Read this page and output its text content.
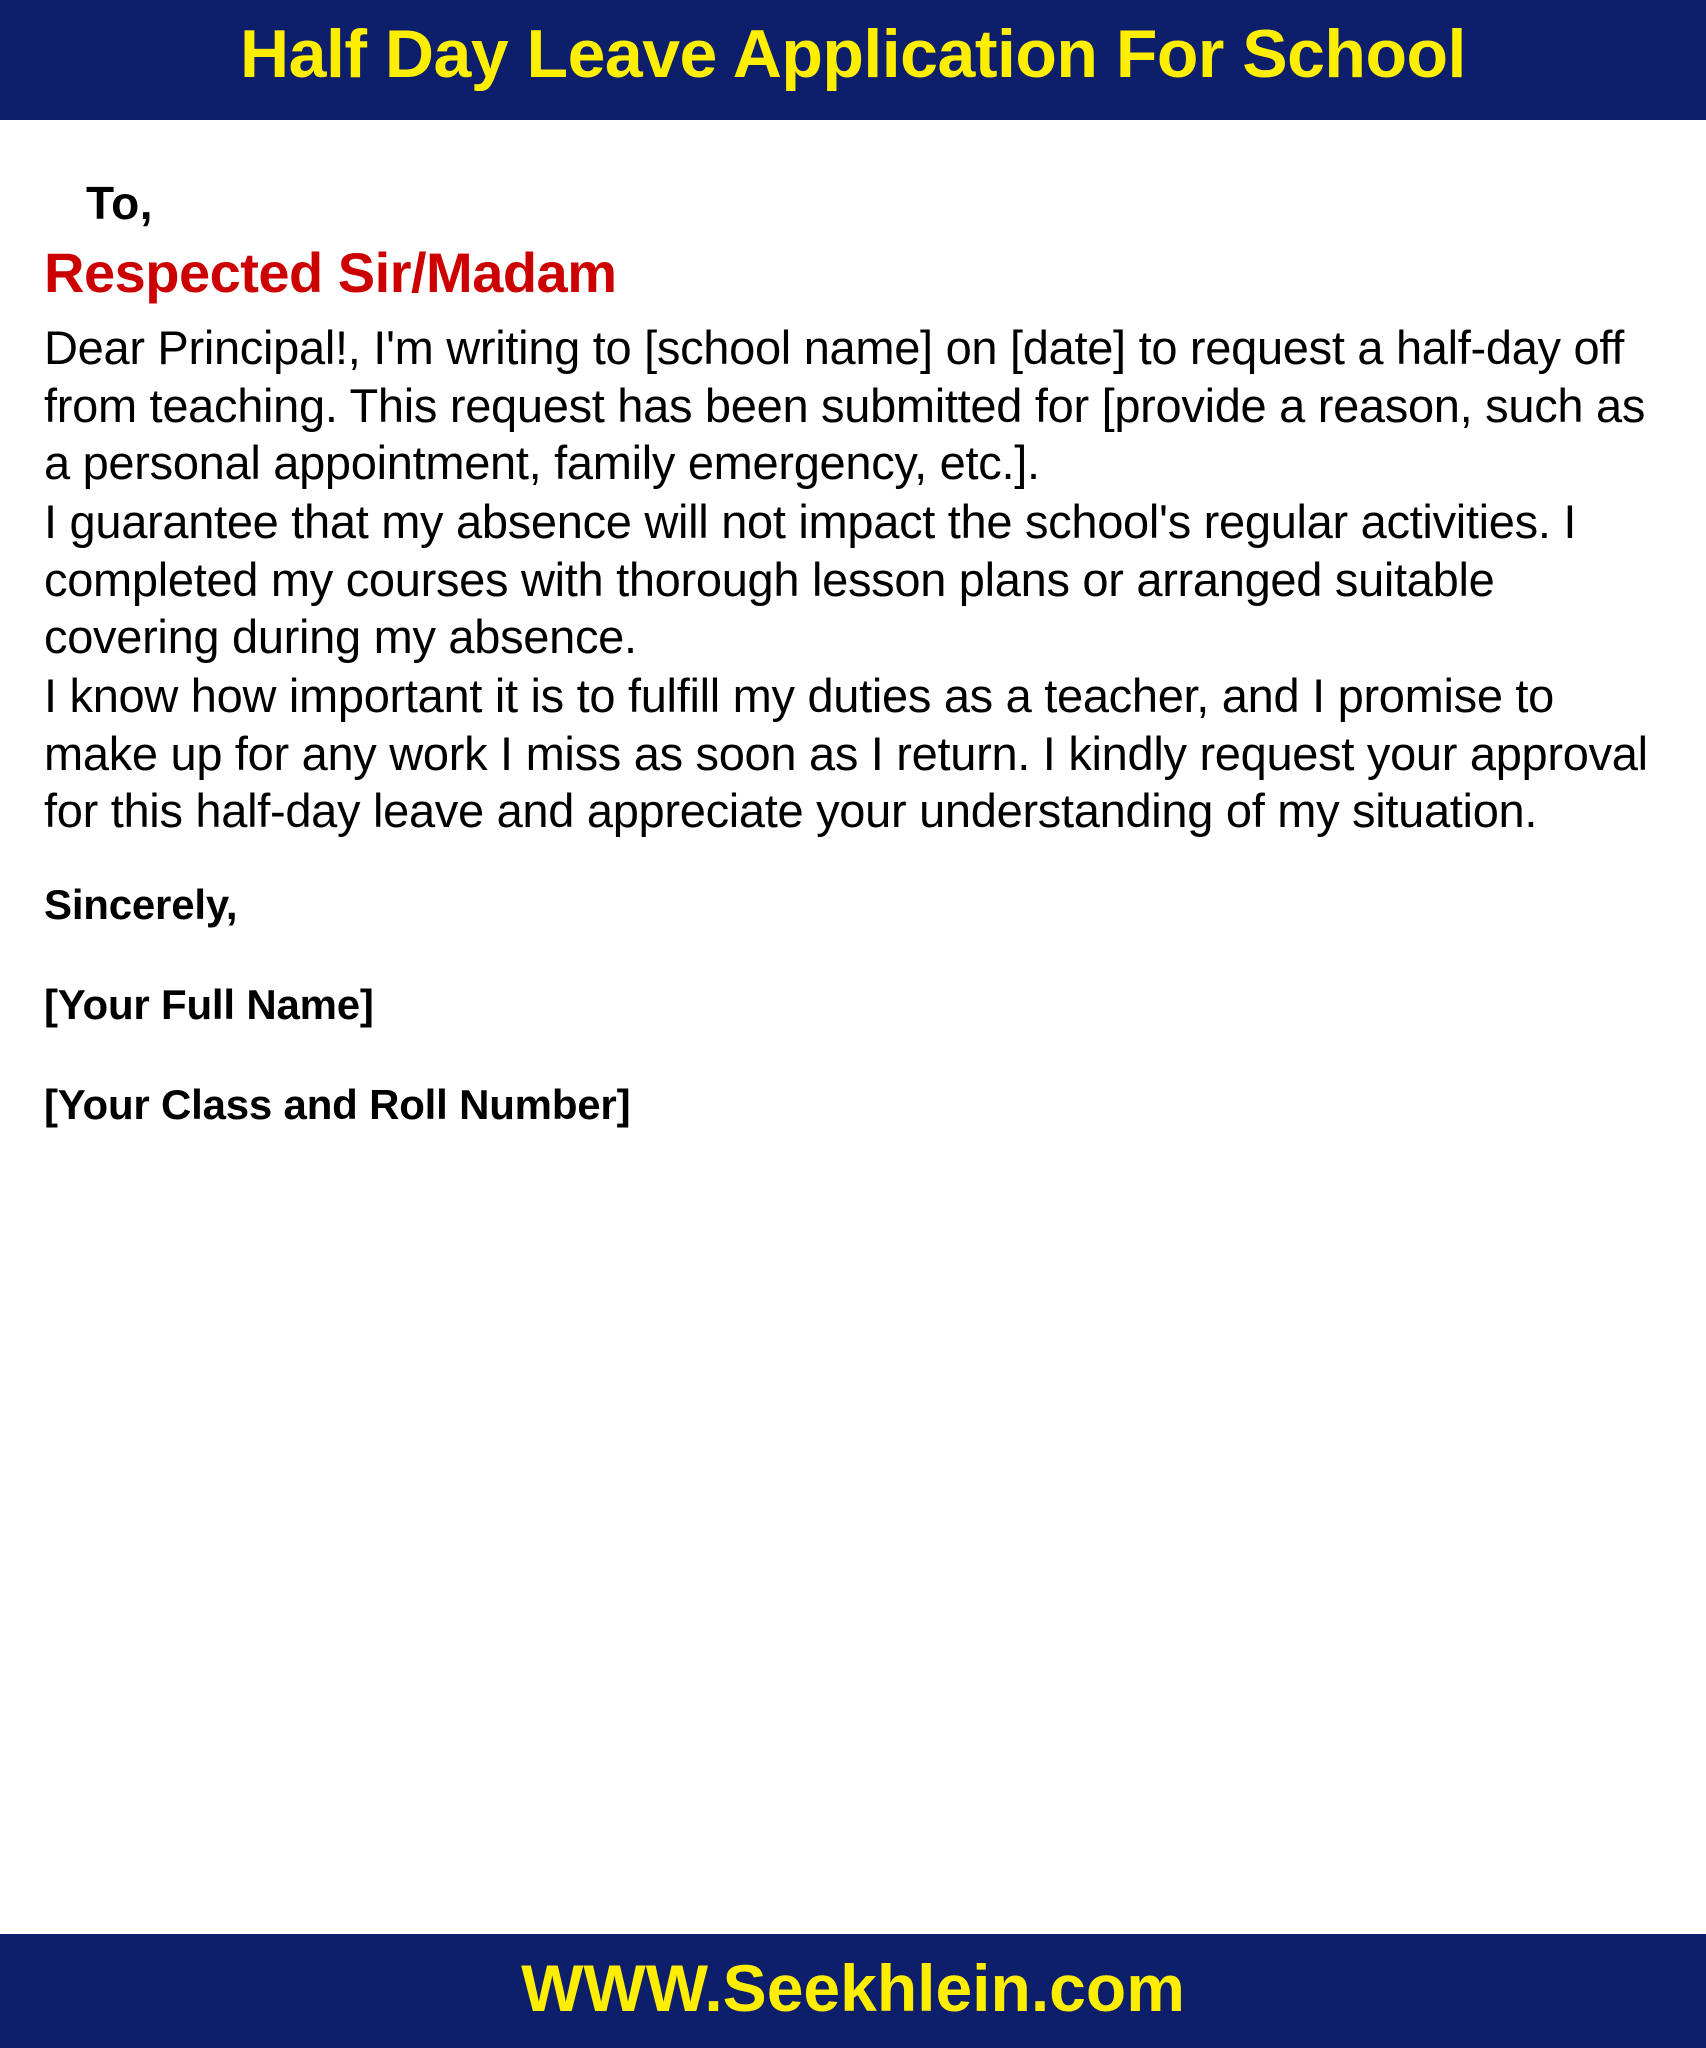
Half Day Leave Application For School
To,
Respected Sir/Madam

Dear Principal!, I'm writing to [school name] on [date] to request a half-day off from teaching. This request has been submitted for [provide a reason, such as a personal appointment, family emergency, etc.].

I guarantee that my absence will not impact the school's regular activities. I completed my courses with thorough lesson plans or arranged suitable covering during my absence.

I know how important it is to fulfill my duties as a teacher, and I promise to make up for any work I miss as soon as I return. I kindly request your approval for this half-day leave and appreciate your understanding of my situation.

Sincerely,
[Your Full Name]
[Your Class and Roll Number]
WWW.Seekhlein.com
